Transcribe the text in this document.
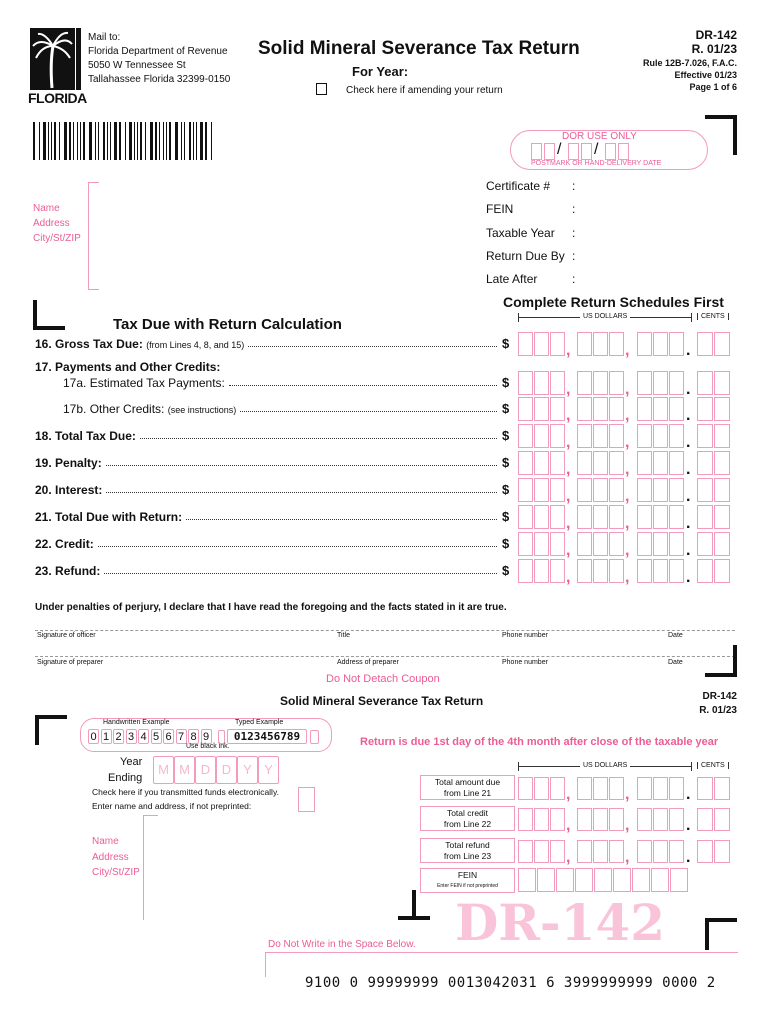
FLORIDA
Mail to:
Florida Department of Revenue
5050 W Tennessee St
Tallahassee Florida 32399-0150
Solid Mineral Severance Tax Return
For Year:
Check here if amending your return
DR-142
R. 01/23
Rule 12B-7.026, F.A.C.
Effective 01/23
Page 1 of 6
DOR USE ONLY
POSTMARK OR HAND-DELIVERY DATE
/ /
Name
Address
City/St/ZIP
Complete Return Schedules First
Tax Due with Return Calculation
Under penalties of perjury, I declare that I have read the foregoing and the facts stated in it are true.
Do Not Detach Coupon
Solid Mineral Severance Tax Return	DR-142
R. 01/23
Handwritten Example	Typed Example
0 1 2 3 4 5 6 7 8 9	0123456789
Use black ink.	Return is due 1st day of the 4th month after close of the taxable year
Year
Ending
M M D D Y Y
Check here if you transmitted funds electronically.
Enter name and address, if not preprinted:
Name
Address
City/St/ZIP
DR-142
Do Not Write in the Space Below.
9100 0 99999999 0013042031 6 3999999999 0000 2
Certificate # :
FEIN	:
Taxable Year :
Return Due By :
Late After	:
US DOLLARS	CENTS
US DOLLARS	CENTS
16. Gross Tax Due: (from Lines 4, 8, and 15)	$	,	,	.
17. Payments and Other Credits:
17a. Estimated Tax Payments:	$	,	,	.
17b. Other Credits: (see instructions)	$	,	,	.
18. Total Tax Due:	$	,	,	.
19. Penalty:	$	,	,	.
20. Interest:	$	,	,	.
21. Total Due with Return:	$	,	,	.
22. Credit:	$	,	,	.
23. Refund:	$	,	,	.
Signature of officer	Title	Phone number	Date
Signature of preparer	Address of preparer	Phone number	Date
Total amount due
from Line 21	,	,	.
Total credit
from Line 22	,	,	.
Total refund
from Line 23	,	,	.
FEIN
Enter FEIN if not preprinted
